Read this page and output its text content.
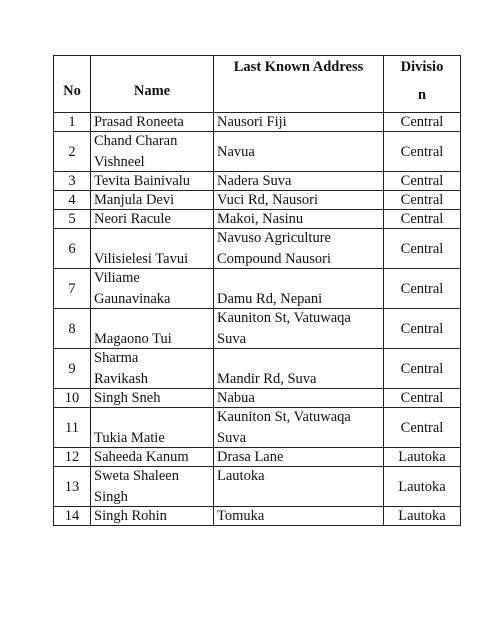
No	Name	Last Known Address	Divisio
n

1	Prasad Roneeta	Nausori Fiji	Central
2	Chand Charan
Vishneel	Navua	Central
3	Tevita Bainivalu	Nadera Suva	Central
4	Manjula Devi	Vuci Rd, Nausori	Central
5	Neori Racule	Makoi, Nasinu	Central
6	Vilisielesi Tavui	Navuso Agriculture
Compound Nausori	Central
7	Viliame
Gaunavinaka	Damu Rd, Nepani	Central
8	Magaono Tui	Kauniton St, Vatuwaqa
Suva	Central
9	Sharma
Ravikash	Mandir Rd, Suva	Central
10	Singh Sneh	Nabua	Central
11	Tukia Matie	Kauniton St, Vatuwaqa
Suva	Central
12	Saheeda Kanum	Drasa Lane	Lautoka
13	Sweta Shaleen
Singh	Lautoka	Lautoka
14	Singh Rohin	Tomuka	Lautoka
